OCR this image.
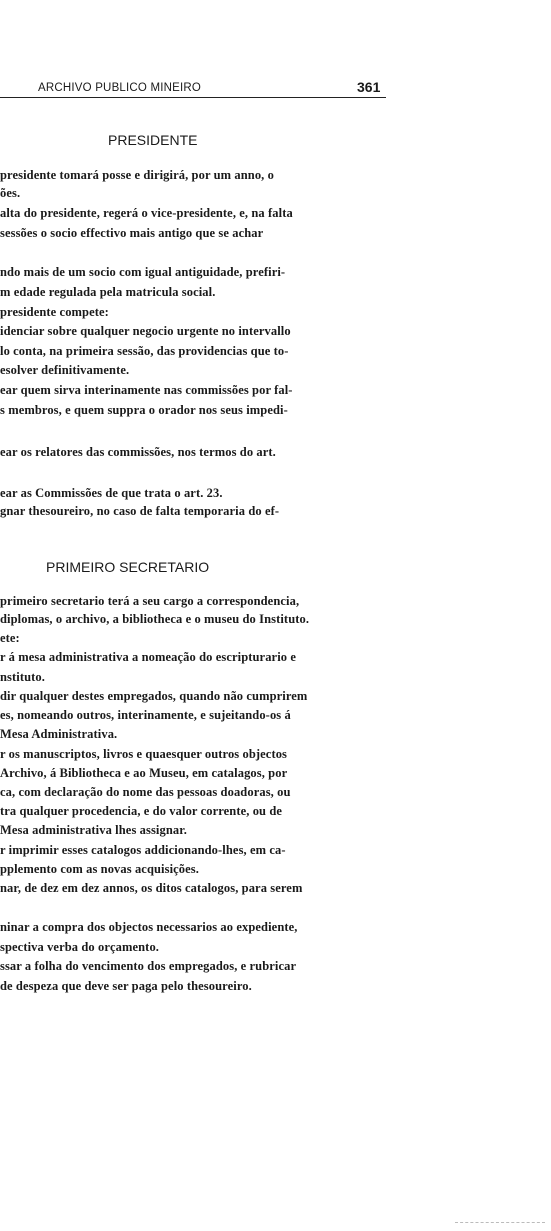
ARCHIVO PUBLICO MINEIRO	361
PRESIDENTE
presidente tomará posse e dirigirá, por um anno, o
ões.
alta do presidente, regerá o vice-presidente, e, na falta
sessões o socio effectivo mais antigo que se achar
ndo mais de um socio com igual antiguidade, prefiri-
m edade regulada pela matricula social.
presidente compete:
idenciar sobre qualquer negocio urgente no intervallo
lo conta, na primeira sessão, das providencias que to-
esolver definitivamente.
ear quem sirva interinamente nas commissões por fal-
s membros, e quem suppra o orador nos seus impedi-
ear os relatores das commissões, nos termos do art.
ear as Commissões de que trata o art. 23.
gnar thesoureiro, no caso de falta temporaria do ef-
PRIMEIRO SECRETARIO
primeiro secretario terá a seu cargo a correspondencia,
diplomas, o archivo, a bibliotheca e o museu do Instituto.
ete:
r á mesa administrativa a nomeação do escripturario e
nstituto.
dir qualquer destes empregados, quando não cumprirem
es, nomeando outros, interinamente, e sujeitando-os á
Mesa Administrativa.
r os manuscriptos, livros e quaesquer outros objectos
Archivo, á Bibliotheca e ao Museu, em catalagos, por
ca, com declaração do nome das pessoas doadoras, ou
tra qualquer procedencia, e do valor corrente, ou de
Mesa administrativa lhes assignar.
r imprimir esses catalogos addicionando-lhes, em ca-
pplemento com as novas acquisições.
nar, de dez em dez annos, os ditos catalogos, para serem
ninar a compra dos objectos necessarios ao expediente,
spectiva verba do orçamento.
ssar a folha do vencimento dos empregados, e rubricar
de despeza que deve ser paga pelo thesoureiro.
